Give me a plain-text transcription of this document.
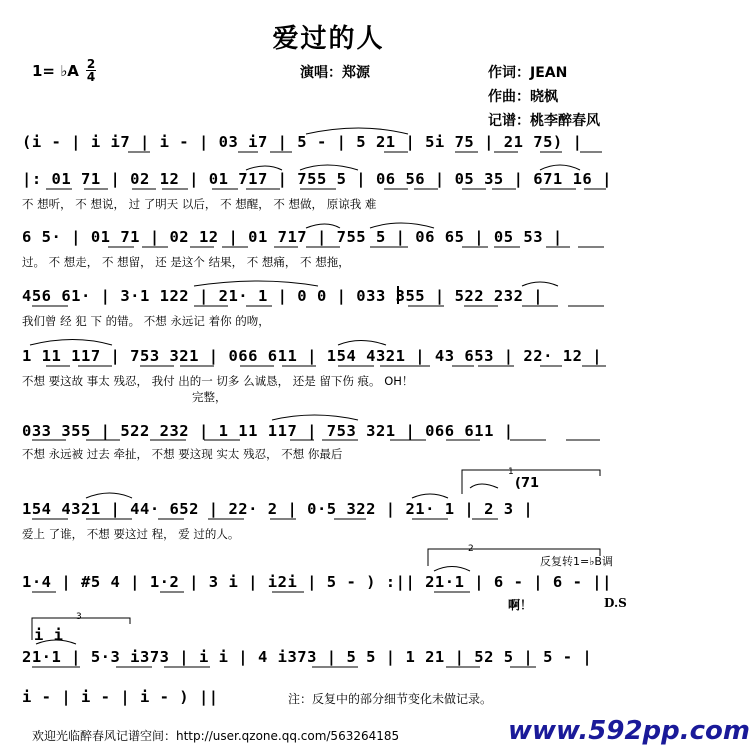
爱过的人
1= ♭A 2
4	演唱：郑源	作词：JEAN
作曲：晓枫
记谱：桃李醉春风
(i - | i i7 | i - | 03 i7 | 5 - | 5 21 | 5i 75 | 21 75) |
|: 01 71 | 02 12 | 01 717 | 755 5 | 06 56 | 05 35 | 671 16 |
不 想听， 不 想说， 过 了明天 以后， 不 想醒， 不 想做， 原谅我 难
6 5· | 01 71 | 02 12 | 01 717 | 755 5 | 06 65 | 05 53 |
过。 不 想走， 不 想留， 还 是这个 结果， 不 想痛， 不 想拖，
456 61· | 3·1 122 | 21· 1 | 0 0 | 033 355 | 522 232 |
我们曾 经 犯 下 的错。 不想 永远记 着你 的吻，
1 11 117 | 753 321 | 066 611 | 154 4321 | 43 653 | 22· 12 |
不想 要这故 事太 残忍， 我付 出的一 切多 么诚恳， 还是 留下伤 痕。 OH！
完整，
033 355 | 522 232 | 1 11 117 | 753 321 | 066 611 |
不想 永远被 过去 牵扯， 不想 要这现 实太 残忍， 不想 你最后
(71
1
154 4321 | 44· 652 | 22· 2 | 0·5 322 | 21· 1 | 2 3 |
爱上 了谁， 不想 要这过 程， 爱 过的人。
2
反复转1=♭B调
1·4 | #5 4 | 1·2 | 3 i | i2i | 5 - ) :|| 21·1 | 6 - | 6 - ||
啊！	D.S
3
i i
21·1 | 5·3 i373 | i i | 4 i373 | 5 5 | 1 21 | 52 5 | 5 - |
i - | i - | i - ) ||	注：反复中的部分细节变化未做记录。
欢迎光临醉春风记谱空间：http://user.qzone.qq.com/563264185	www.592pp.com
